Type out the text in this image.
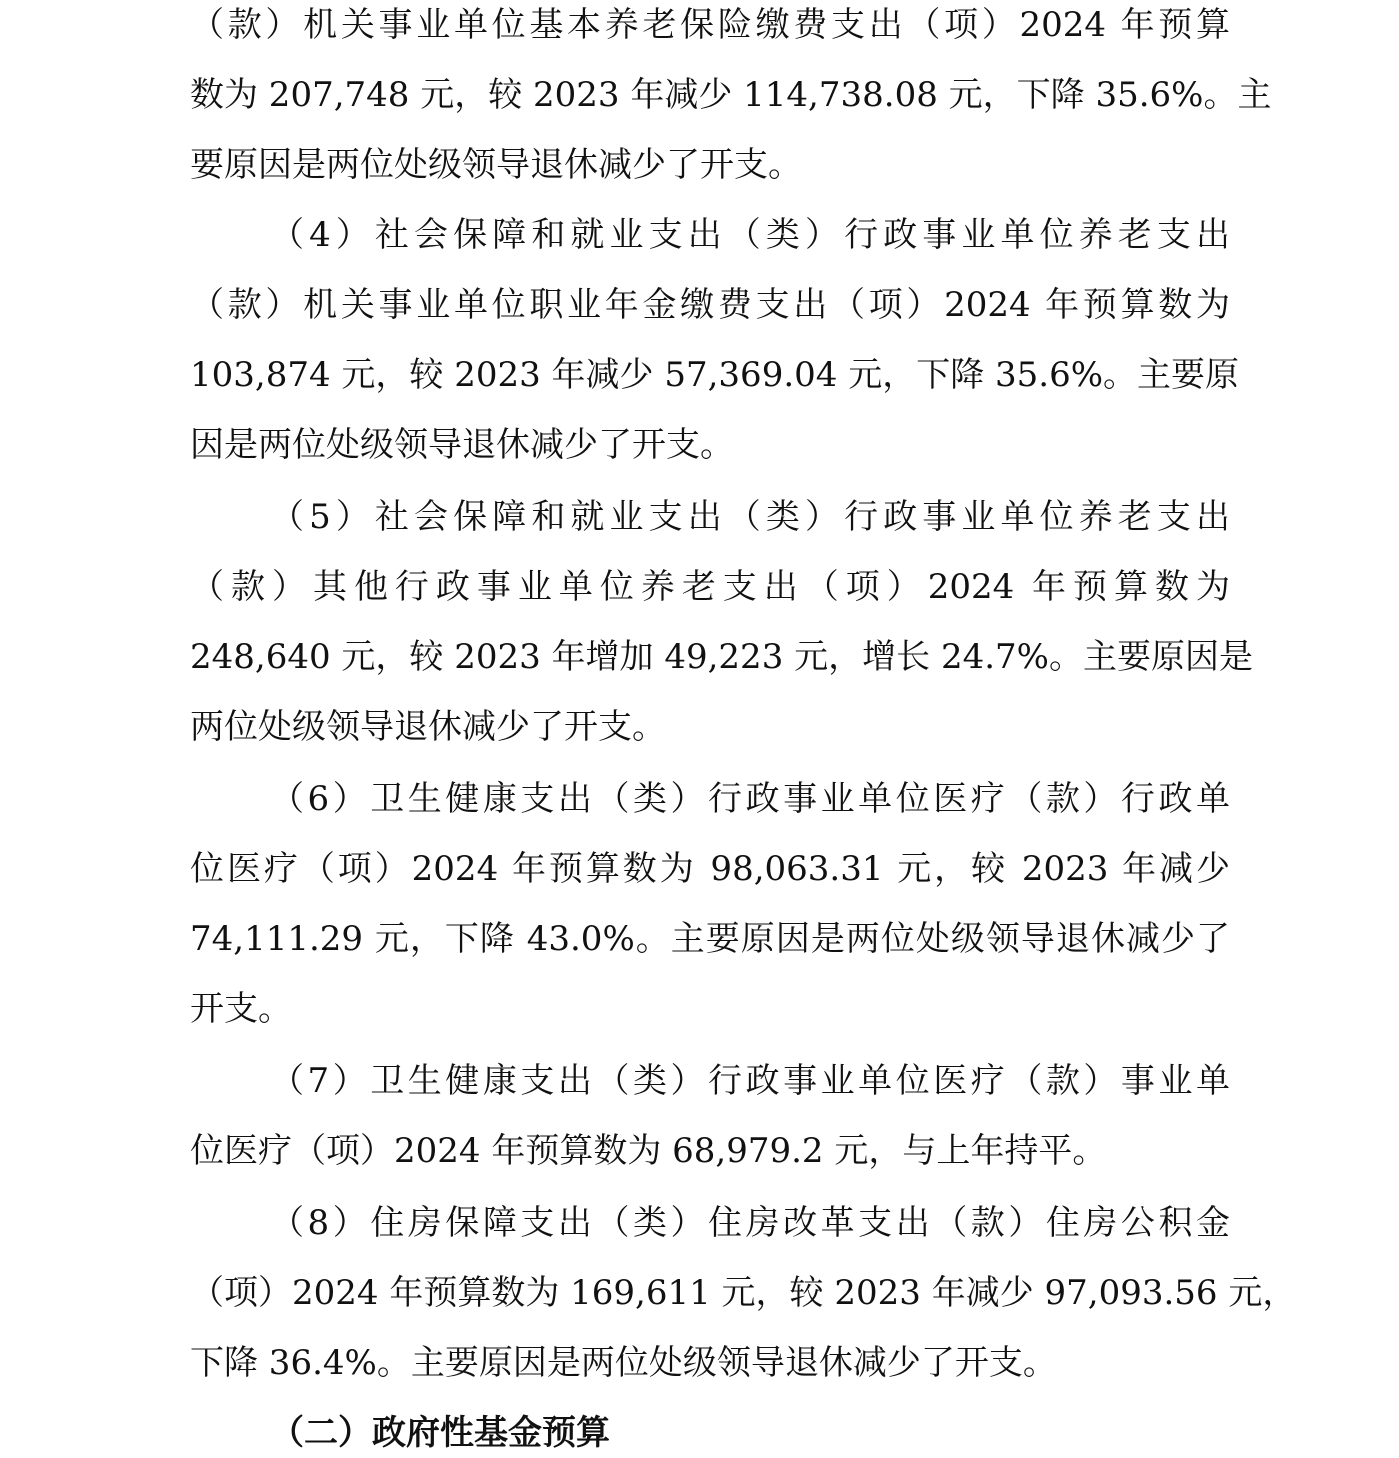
（款）机关事业单位基本养老保险缴费支出（项）2024 年预算
数为 207,748 元，较 2023 年减少 114,738.08 元，下降 35.6%。主
要原因是两位处级领导退休减少了开支。
（4）社会保障和就业支出（类）行政事业单位养老支出
（款）机关事业单位职业年金缴费支出（项）2024 年预算数为
103,874 元，较 2023 年减少 57,369.04 元，下降 35.6%。主要原
因是两位处级领导退休减少了开支。
（5）社会保障和就业支出（类）行政事业单位养老支出
（款）其他行政事业单位养老支出（项）2024 年预算数为
248,640 元，较 2023 年增加 49,223 元，增长 24.7%。主要原因是
两位处级领导退休减少了开支。
（6）卫生健康支出（类）行政事业单位医疗（款）行政单
位医疗（项）2024 年预算数为 98,063.31 元，较 2023 年减少
74,111.29 元，下降 43.0%。主要原因是两位处级领导退休减少了
开支。
（7）卫生健康支出（类）行政事业单位医疗（款）事业单
位医疗（项）2024 年预算数为 68,979.2 元，与上年持平。
（8）住房保障支出（类）住房改革支出（款）住房公积金
（项）2024 年预算数为 169,611 元，较 2023 年减少 97,093.56 元，
下降 36.4%。主要原因是两位处级领导退休减少了开支。
（二）政府性基金预算
